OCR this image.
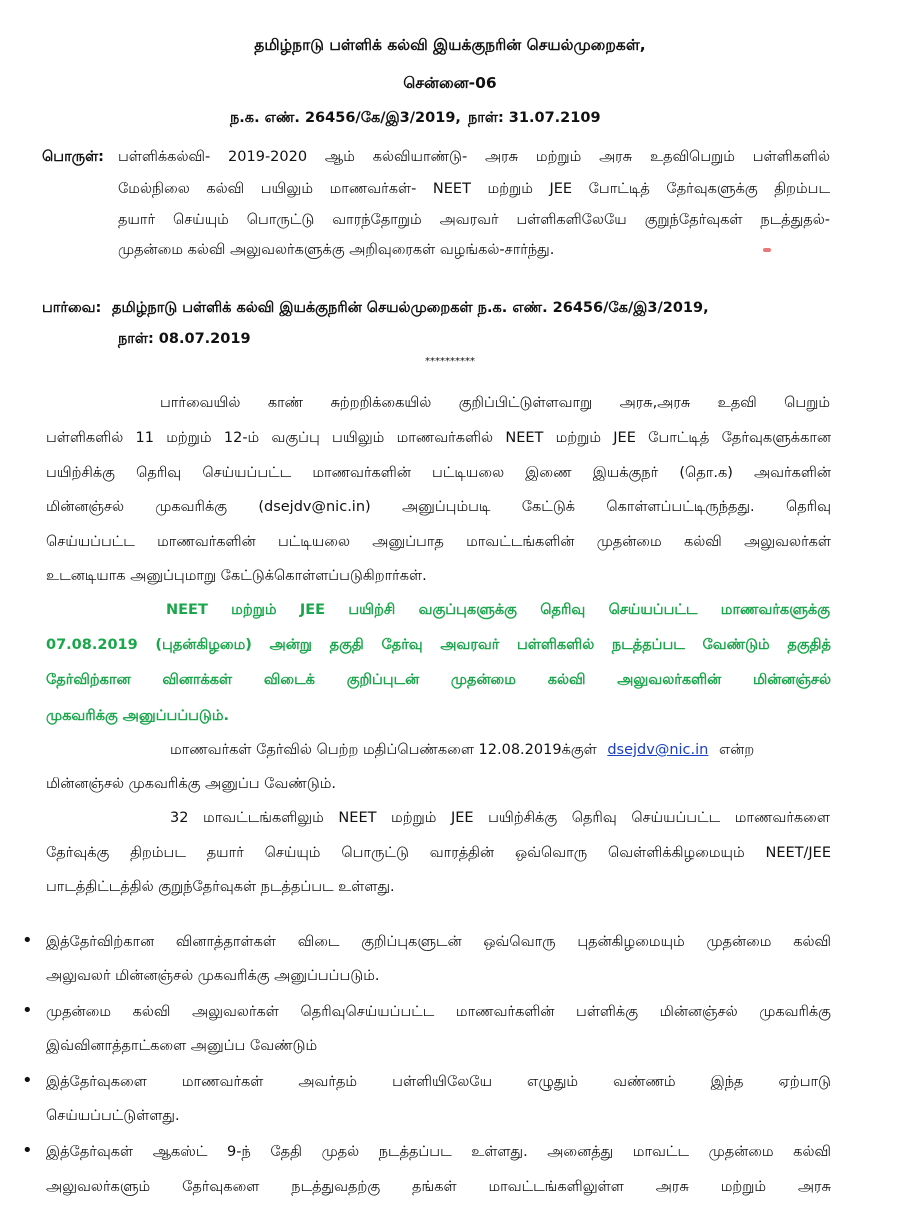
தமிழ்நாடு பள்ளிக் கல்வி இயக்குநரின் செயல்முறைகள்,
சென்னை-06
ந.க. எண். 26456/கே/இ3/2019, நாள்: 31.07.2109
பொருள்: பள்ளிக்கல்வி- 2019-2020 ஆம் கல்வியாண்டு- அரசு மற்றும் அரசு உதவிபெறும் பள்ளிகளில்
மேல்நிலை கல்வி பயிலும் மாணவர்கள்- NEET மற்றும் JEE போட்டித் தேர்வுகளுக்கு திறம்பட
தயார் செய்யும் பொருட்டு வாரந்தோறும் அவரவர் பள்ளிகளிலேயே குறுந்தேர்வுகள் நடத்துதல்-
முதன்மை கல்வி அலுவலர்களுக்கு அறிவுரைகள் வழங்கல்-சார்ந்து.
பார்வை: தமிழ்நாடு பள்ளிக் கல்வி இயக்குநரின் செயல்முறைகள் ந.க. எண். 26456/கே/இ3/2019,
நாள்: 08.07.2019
**********
பார்வையில் காண் சுற்றறிக்கையில் குறிப்பிட்டுள்ளவாறு அரசு,அரசு உதவி பெறும்
பள்ளிகளில் 11 மற்றும் 12-ம் வகுப்பு பயிலும் மாணவர்களில் NEET மற்றும் JEE போட்டித் தேர்வுகளுக்கான
பயிற்சிக்கு தெரிவு செய்யப்பட்ட மாணவர்களின் பட்டியலை இணை இயக்குநர் (தொ.க) அவர்களின்
மின்னஞ்சல் முகவரிக்கு (dsejdv@nic.in) அனுப்பும்படி கேட்டுக் கொள்ளப்பட்டிருந்தது. தெரிவு
செய்யப்பட்ட மாணவர்களின் பட்டியலை அனுப்பாத மாவட்டங்களின் முதன்மை கல்வி அலுவலர்கள்
உடனடியாக அனுப்புமாறு கேட்டுக்கொள்ளப்படுகிறார்கள்.
NEET மற்றும் JEE பயிற்சி வகுப்புகளுக்கு தெரிவு செய்யப்பட்ட மாணவர்களுக்கு
07.08.2019 (புதன்கிழமை) அன்று தகுதி தேர்வு அவரவர் பள்ளிகளில் நடத்தப்பட வேண்டும் தகுதித்
தேர்விற்கான வினாக்கள் விடைக் குறிப்புடன் முதன்மை கல்வி அலுவலர்களின் மின்னஞ்சல்
முகவரிக்கு அனுப்பப்படும்.
மாணவர்கள் தேர்வில் பெற்ற மதிப்பெண்களை 12.08.2019க்குள் dsejdv@nic.in என்ற
மின்னஞ்சல் முகவரிக்கு அனுப்ப வேண்டும்.
32 மாவட்டங்களிலும் NEET மற்றும் JEE பயிற்சிக்கு தெரிவு செய்யப்பட்ட மாணவர்களை
தேர்வுக்கு திறம்பட தயார் செய்யும் பொருட்டு வாரத்தின் ஒவ்வொரு வெள்ளிக்கிழமையும் NEET/JEE
பாடத்திட்டத்தில் குறுந்தேர்வுகள் நடத்தப்பட உள்ளது.
• இத்தேர்விற்கான வினாத்தாள்கள் விடை குறிப்புகளுடன் ஒவ்வொரு புதன்கிழமையும் முதன்மை கல்வி
அலுவலர் மின்னஞ்சல் முகவரிக்கு அனுப்பப்படும்.
• முதன்மை கல்வி அலுவலர்கள் தெரிவுசெய்யப்பட்ட மாணவர்களின் பள்ளிக்கு மின்னஞ்சல் முகவரிக்கு
இவ்வினாத்தாட்களை அனுப்ப வேண்டும்
• இத்தேர்வுகளை மாணவர்கள் அவர்தம் பள்ளியிலேயே எழுதும் வண்ணம் இந்த ஏற்பாடு
செய்யப்பட்டுள்ளது.
• இத்தேர்வுகள் ஆகஸ்ட் 9-ந் தேதி முதல் நடத்தப்பட உள்ளது. அனைத்து மாவட்ட முதன்மை கல்வி
அலுவலர்களும் தேர்வுகளை நடத்துவதற்கு தங்கள் மாவட்டங்களிலுள்ள அரசு மற்றும் அரசு
